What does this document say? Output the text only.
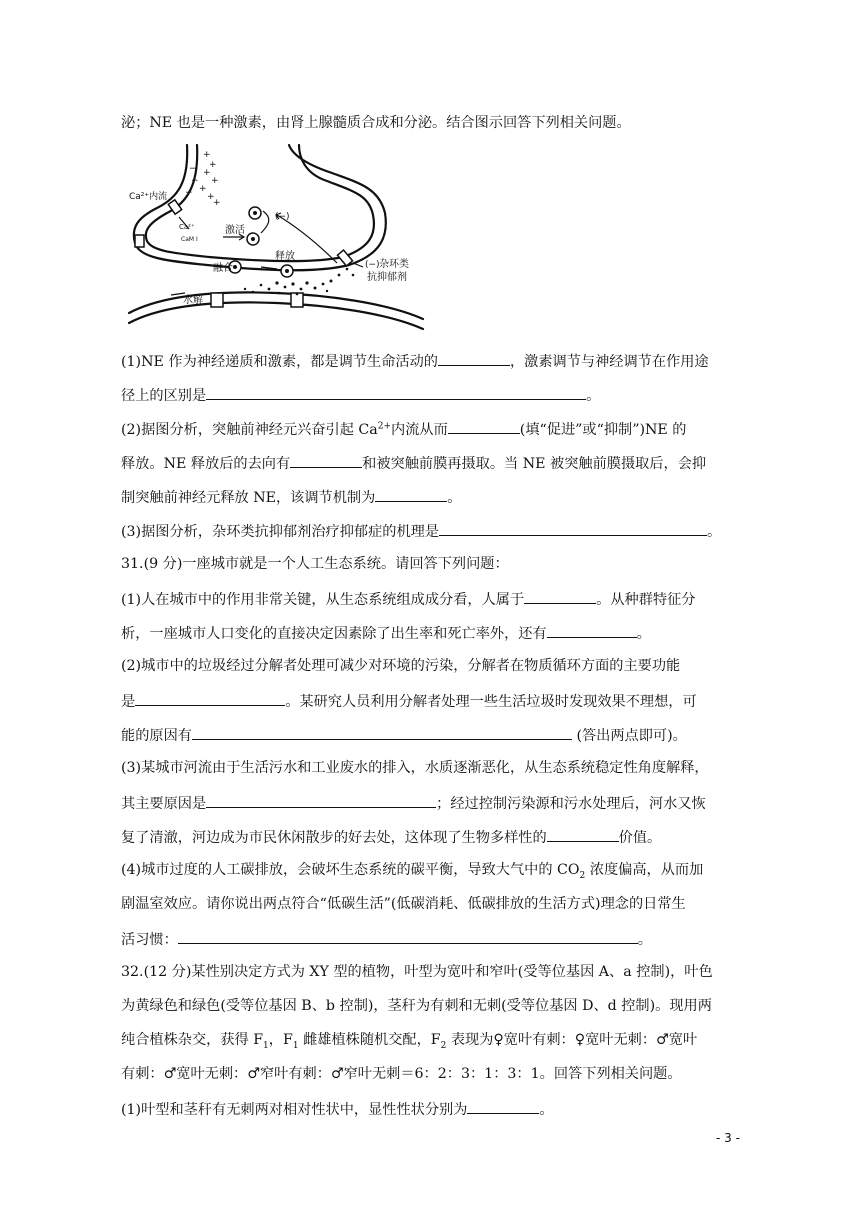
泌；NE 也是一种激素，由肾上腺髓质合成和分泌。结合图示回答下列相关问题。
+
+
+
+
+
+
+
−
−
−
Ca²⁺内流
Ca²⁺
CaM I
激活
融合
释放
水解
(−)
(−) 杂环类
抗抑郁剂
(1)NE 作为神经递质和激素，都是调节生命活动的	，激素调节与神经调节在作用途
径上的区别是	。
(2)据图分析，突触前神经元兴奋引起 $Ca^{2+}$内流从而	(填“促进”或“抑制”)NE 的
释放。NE 释放后的去向有	和被突触前膜再摄取。当 NE 被突触前膜摄取后，会抑
制突触前神经元释放 NE，该调节机制为	。
(3)据图分析，杂环类抗抑郁剂治疗抑郁症的机理是	。
31.(9 分)一座城市就是一个人工生态系统。请回答下列问题：
(1)人在城市中的作用非常关键，从生态系统组成成分看，人属于	。从种群特征分
析，一座城市人口变化的直接决定因素除了出生率和死亡率外，还有	。
(2)城市中的垃圾经过分解者处理可减少对环境的污染，分解者在物质循环方面的主要功能
是	。某研究人员利用分解者处理一些生活垃圾时发现效果不理想，可
能的原因有	(答出两点即可)。
(3)某城市河流由于生活污水和工业废水的排入，水质逐渐恶化，从生态系统稳定性角度解释，
其主要原因是	；经过控制污染源和污水处理后，河水又恢
复了清澈，河边成为市民休闲散步的好去处，这体现了生物多样性的	价值。
(4)城市过度的人工碳排放，会破坏生态系统的碳平衡，导致大气中的 $CO_2$ 浓度偏高，从而加
剧温室效应。请你说出两点符合“低碳生活”(低碳消耗、低碳排放的生活方式)理念的日常生
活习惯：	。
32.(12 分)某性别决定方式为 XY 型的植物，叶型为宽叶和窄叶(受等位基因 A、a 控制)，叶色
为黄绿色和绿色(受等位基因 B、b 控制)，茎秆为有刺和无刺(受等位基因 D、d 控制)。现用两
纯合植株杂交，获得 $F_1$，$F_1$ 雌雄植株随机交配，$F_2$ 表现为♀宽叶有刺：♀宽叶无刺：♂宽叶
有刺：♂宽叶无刺：♂窄叶有刺：♂窄叶无刺＝6：2：3：1：3：1。回答下列相关问题。
(1)叶型和茎秆有无刺两对相对性状中，显性性状分别为	。
- 3 -
